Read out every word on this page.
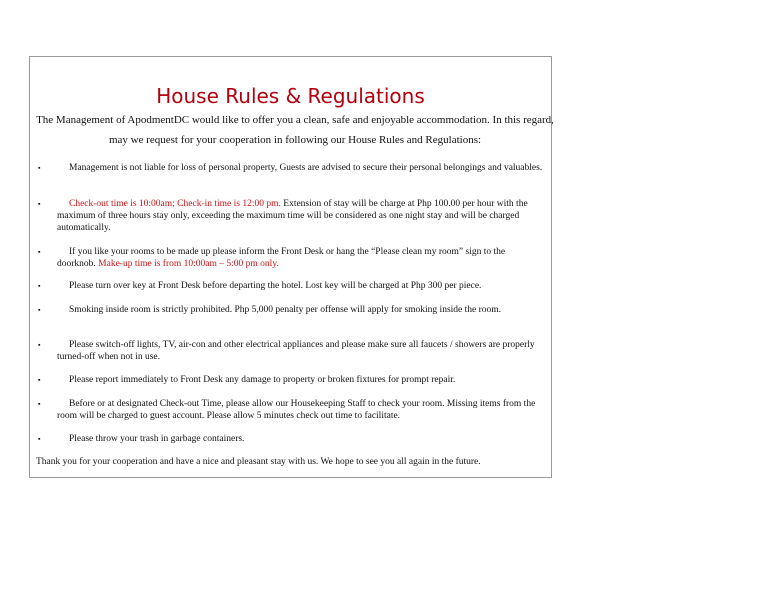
House Rules & Regulations

The Management of ApodmentDC would like to offer you a clean, safe and enjoyable accommodation. In this regard, may we request for your cooperation in following our House Rules and Regulations:

▪	Management is not liable for loss of personal property, Guests are advised to secure their personal belongings and valuables.
▪	Check-out time is 10:00am; Check-in time is 12:00 pm. Extension of stay will be charge at Php 100.00 per hour with the maximum of three hours stay only, exceeding the maximum time will be considered as one night stay and will be charged automatically.
▪	If you like your rooms to be made up please inform the Front Desk or hang the “Please clean my room” sign to the doorknob. Make-up time is from 10:00am – 5:00 pm only.
▪	Please turn over key at Front Desk before departing the hotel. Lost key will be charged at Php 300 per piece.
▪	Smoking inside room is strictly prohibited. Php 5,000 penalty per offense will apply for smoking inside the room.
▪	Please switch-off lights, TV, air-con and other electrical appliances and please make sure all faucets / showers are properly turned-off when not in use.
▪	Please report immediately to Front Desk any damage to property or broken fixtures for prompt repair.
▪	Before or at designated Check-out Time, please allow our Housekeeping Staff to check your room. Missing items from the room will be charged to guest account. Please allow 5 minutes check out time to facilitate.
▪	Please throw your trash in garbage containers.

Thank you for your cooperation and have a nice and pleasant stay with us. We hope to see you all again in the future.
